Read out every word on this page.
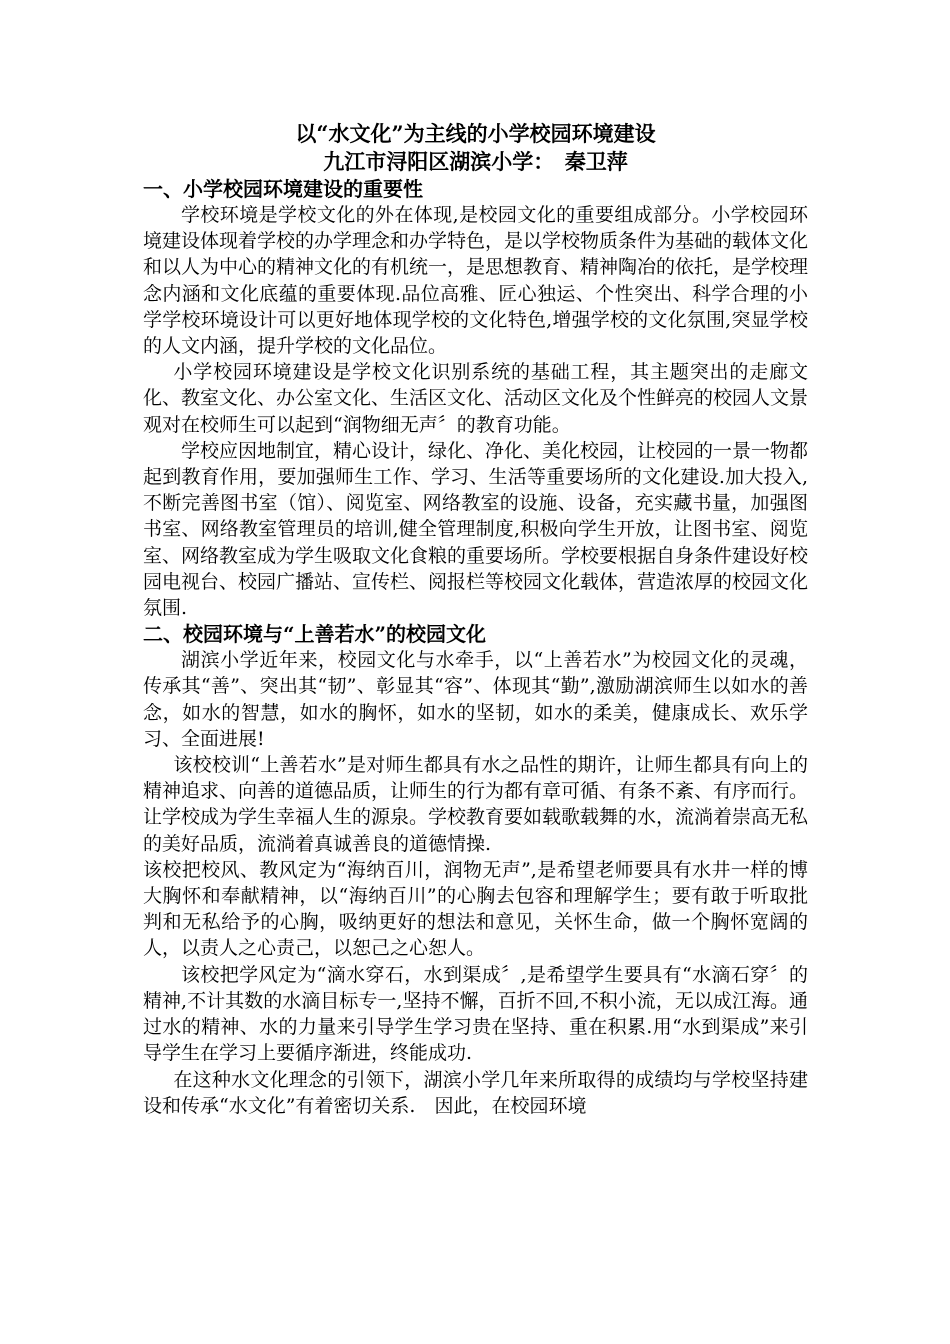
以“水文化”为主线的小学校园环境建设

九江市浔阳区湖滨小学：　秦卫萍

一、小学校园环境建设的重要性

学校环境是学校文化的外在体现,是校园文化的重要组成部分。小学校园环境建设体现着学校的办学理念和办学特色，是以学校物质条件为基础的载体文化和以人为中心的精神文化的有机统一，是思想教育、精神陶冶的依托，是学校理念内涵和文化底蕴的重要体现.品位高雅、匠心独运、个性突出、科学合理的小学学校环境设计可以更好地体现学校的文化特色,增强学校的文化氛围,突显学校的人文内涵，提升学校的文化品位。

小学校园环境建设是学校文化识别系统的基础工程，其主题突出的走廊文化、教室文化、办公室文化、生活区文化、活动区文化及个性鲜亮的校园人文景观对在校师生可以起到“润物细无声〞的教育功能。

学校应因地制宜，精心设计，绿化、净化、美化校园，让校园的一景一物都起到教育作用，要加强师生工作、学习、生活等重要场所的文化建设.加大投入,不断完善图书室（馆）、阅览室、网络教室的设施、设备，充实藏书量，加强图书室、网络教室管理员的培训,健全管理制度,积极向学生开放，让图书室、阅览室、网络教室成为学生吸取文化食粮的重要场所。学校要根据自身条件建设好校园电视台、校园广播站、宣传栏、阅报栏等校园文化载体，营造浓厚的校园文化氛围.

二、校园环境与“上善若水”的校园文化

湖滨小学近年来，校园文化与水牵手，以“上善若水”为校园文化的灵魂，传承其“善”、突出其“韧”、彰显其“容”、体现其“勤”,激励湖滨师生以如水的善念，如水的智慧，如水的胸怀，如水的坚韧，如水的柔美，健康成长、欢乐学习、全面进展!

该校校训“上善若水”是对师生都具有水之品性的期许，让师生都具有向上的精神追求、向善的道德品质，让师生的行为都有章可循、有条不紊、有序而行。让学校成为学生幸福人生的源泉。学校教育要如载歌载舞的水，流淌着崇高无私的美好品质，流淌着真诚善良的道德情操.

该校把校风、教风定为“海纳百川，润物无声”,是希望老师要具有水井一样的博大胸怀和奉献精神，以“海纳百川”的心胸去包容和理解学生；要有敢于听取批判和无私给予的心胸，吸纳更好的想法和意见，关怀生命，做一个胸怀宽阔的人，以责人之心责己，以恕己之心恕人。

该校把学风定为“滴水穿石，水到渠成〞,是希望学生要具有“水滴石穿〞的精神,不计其数的水滴目标专一,坚持不懈，百折不回,不积小流，无以成江海。通过水的精神、水的力量来引导学生学习贵在坚持、重在积累.用“水到渠成”来引导学生在学习上要循序渐进，终能成功.

在这种水文化理念的引领下，湖滨小学几年来所取得的成绩均与学校坚持建设和传承“水文化”有着密切关系.　因此，在校园环境
